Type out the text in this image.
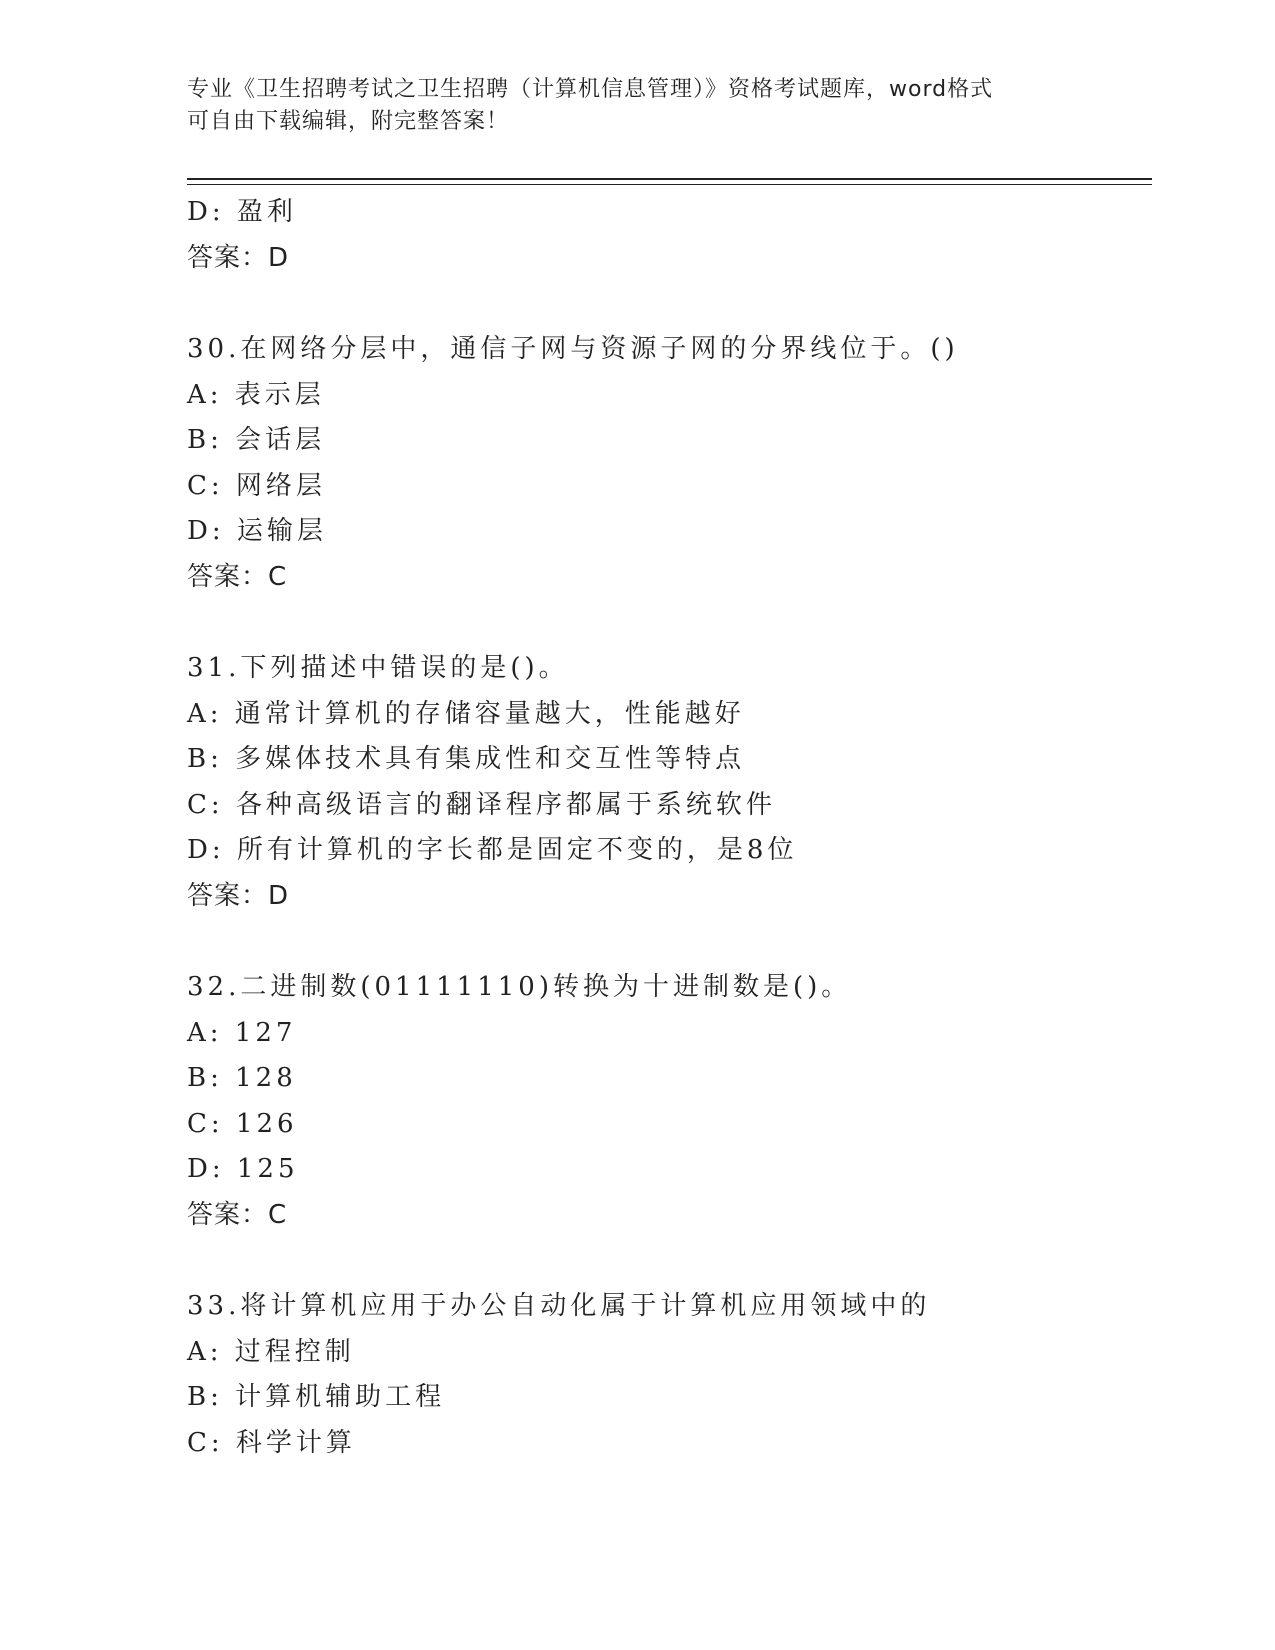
专业《卫生招聘考试之卫生招聘（计算机信息管理）》资格考试题库，word格式
可自由下载编辑，附完整答案！
D: 盈利
答案：D
30.在网络分层中，通信子网与资源子网的分界线位于。()
A: 表示层
B: 会话层
C: 网络层
D: 运输层
答案：C
31.下列描述中错误的是()。
A: 通常计算机的存储容量越大，性能越好
B: 多媒体技术具有集成性和交互性等特点
C: 各种高级语言的翻译程序都属于系统软件
D: 所有计算机的字长都是固定不变的，是8位
答案：D
32.二进制数(01111110)转换为十进制数是()。
A: 127
B: 128
C: 126
D: 125
答案：C
33.将计算机应用于办公自动化属于计算机应用领域中的
A: 过程控制
B: 计算机辅助工程
C: 科学计算
